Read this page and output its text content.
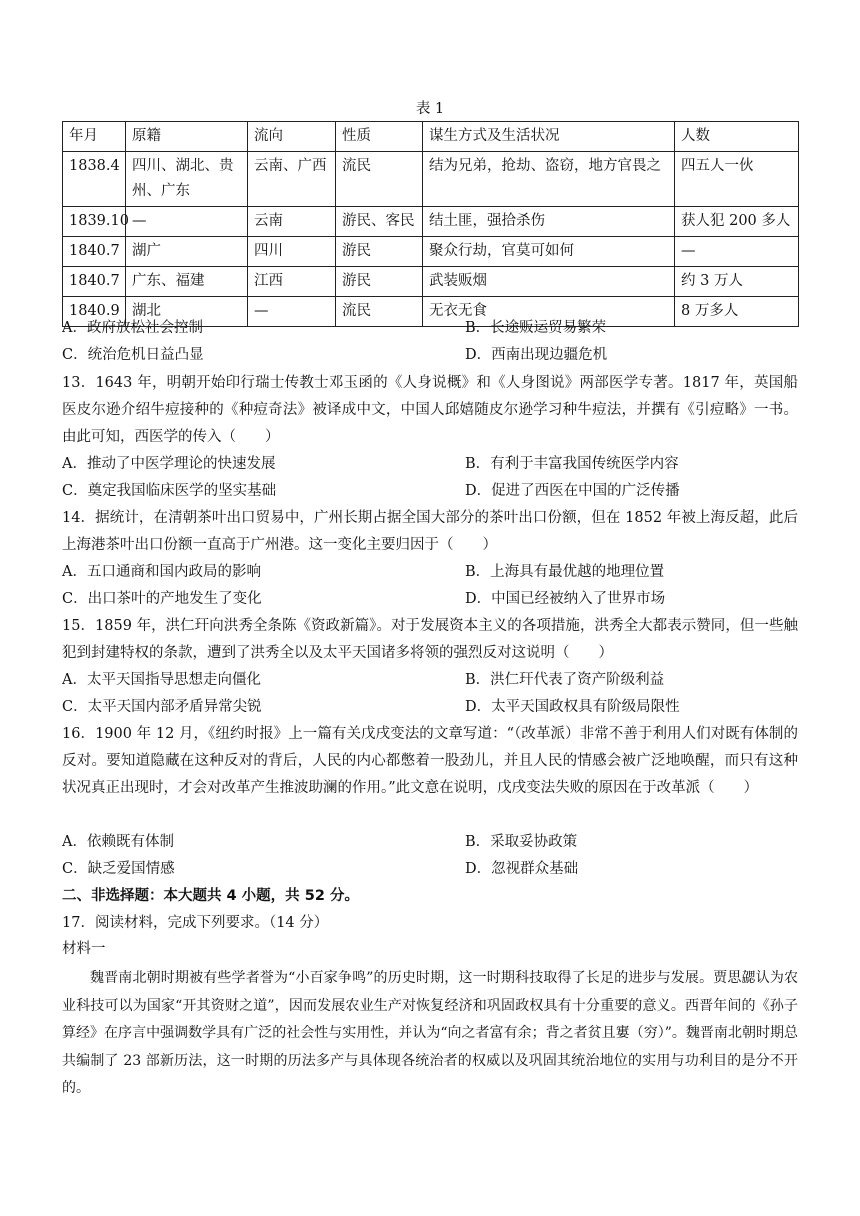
表 1
年月	原籍	流向	性质	谋生方式及生活状况	人数
1838.4	四川、湖北、贵州、广东	云南、广西	流民	结为兄弟，抢劫、盗窃，地方官畏之	四五人一伙
1839.10	—	云南	游民、客民	结土匪，强拾杀伤	获人犯 200 多人
1840.7	湖广	四川	游民	聚众行劫，官莫可如何	—
1840.7	广东、福建	江西	游民	武装贩烟	约 3 万人
1840.9	湖北	—	流民	无衣无食	8 万多人
A．政府放松社会控制	B．长途贩运贸易繁荣
C．统治危机日益凸显	D．西南出现边疆危机
13．1643 年，明朝开始印行瑞士传教士邓玉函的《人身说概》和《人身图说》两部医学专著。1817 年，英国船医皮尔逊介绍牛痘接种的《种痘奇法》被译成中文，中国人邱嬉随皮尔逊学习种牛痘法，并撰有《引痘略》一书。由此可知，西医学的传入（　　）
A．推动了中医学理论的快速发展	B．有利于丰富我国传统医学内容
C．奠定我国临床医学的坚实基础	D．促进了西医在中国的广泛传播
14．据统计，在清朝茶叶出口贸易中，广州长期占据全国大部分的茶叶出口份额，但在 1852 年被上海反超，此后上海港茶叶出口份额一直高于广州港。这一变化主要归因于（　　）
A．五口通商和国内政局的影响	B．上海具有最优越的地理位置
C．出口茶叶的产地发生了变化	D．中国已经被纳入了世界市场
15．1859 年，洪仁玕向洪秀全条陈《资政新篇》。对于发展资本主义的各项措施，洪秀全大都表示赞同，但一些触犯到封建特权的条款，遭到了洪秀全以及太平天国诸多将领的强烈反对这说明（　　）
A．太平天国指导思想走向僵化	B．洪仁玕代表了资产阶级利益
C．太平天国内部矛盾异常尖锐	D．太平天国政权具有阶级局限性
16．1900 年 12 月，《纽约时报》上一篇有关戊戌变法的文章写道：“（改革派）非常不善于利用人们对既有体制的反对。要知道隐藏在这种反对的背后，人民的内心都憋着一股劲儿，并且人民的情感会被广泛地唤醒，而只有这种状况真正出现时，才会对改革产生推波助澜的作用。”此文意在说明，戊戌变法失败的原因在于改革派（　　）
A．依赖既有体制	B．采取妥协政策
C．缺乏爱国情感	D．忽视群众基础
二、非选择题：本大题共 4 小题，共 52 分。
17．阅读材料，完成下列要求。（14 分）
材料一
魏晋南北朝时期被有些学者誉为“小百家争鸣”的历史时期，这一时期科技取得了长足的进步与发展。贾思勰认为农业科技可以为国家“开其资财之道”，因而发展农业生产对恢复经济和巩固政权具有十分重要的意义。西晋年间的《孙子算经》在序言中强调数学具有广泛的社会性与实用性，并认为“向之者富有余；背之者贫且寠（穷）”。魏晋南北朝时期总共编制了 23 部新历法，这一时期的历法多产与具体现各统治者的权威以及巩固其统治地位的实用与功利目的是分不开的。
